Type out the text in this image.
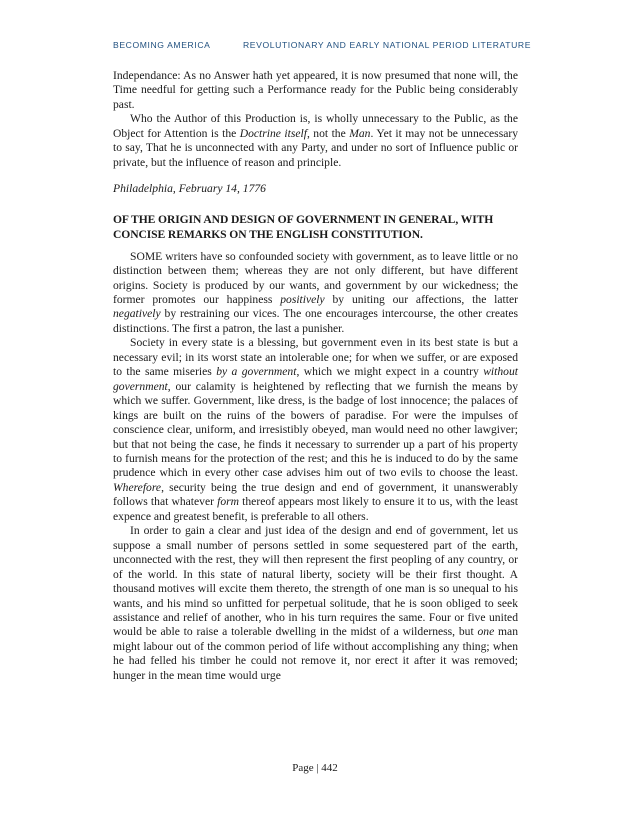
BECOMING AMERICA	REVOLUTIONARY AND EARLY NATIONAL PERIOD LITERATURE

Independance: As no Answer hath yet appeared, it is now presumed that none will, the Time needful for getting such a Performance ready for the Public being considerably past.

Who the Author of this Production is, is wholly unnecessary to the Public, as the Object for Attention is the Doctrine itself, not the Man. Yet it may not be unnecessary to say, That he is unconnected with any Party, and under no sort of Influence public or private, but the influence of reason and principle.

Philadelphia, February 14, 1776

OF THE ORIGIN AND DESIGN OF GOVERNMENT IN GENERAL, WITH CONCISE REMARKS ON THE ENGLISH CONSTITUTION.

SOME writers have so confounded society with government, as to leave little or no distinction between them; whereas they are not only different, but have different origins. Society is produced by our wants, and government by our wickedness; the former promotes our happiness positively by uniting our affections, the latter negatively by restraining our vices. The one encourages intercourse, the other creates distinctions. The first a patron, the last a punisher.

Society in every state is a blessing, but government even in its best state is but a necessary evil; in its worst state an intolerable one; for when we suffer, or are exposed to the same miseries by a government, which we might expect in a country without government, our calamity is heightened by reflecting that we furnish the means by which we suffer. Government, like dress, is the badge of lost innocence; the palaces of kings are built on the ruins of the bowers of paradise. For were the impulses of conscience clear, uniform, and irresistibly obeyed, man would need no other lawgiver; but that not being the case, he finds it necessary to surrender up a part of his property to furnish means for the protection of the rest; and this he is induced to do by the same prudence which in every other case advises him out of two evils to choose the least. Wherefore, security being the true design and end of government, it unanswerably follows that whatever form thereof appears most likely to ensure it to us, with the least expence and greatest benefit, is preferable to all others.

In order to gain a clear and just idea of the design and end of government, let us suppose a small number of persons settled in some sequestered part of the earth, unconnected with the rest, they will then represent the first peopling of any country, or of the world. In this state of natural liberty, society will be their first thought. A thousand motives will excite them thereto, the strength of one man is so unequal to his wants, and his mind so unfitted for perpetual solitude, that he is soon obliged to seek assistance and relief of another, who in his turn requires the same. Four or five united would be able to raise a tolerable dwelling in the midst of a wilderness, but one man might labour out of the common period of life without accomplishing any thing; when he had felled his timber he could not remove it, nor erect it after it was removed; hunger in the mean time would urge

Page | 442
